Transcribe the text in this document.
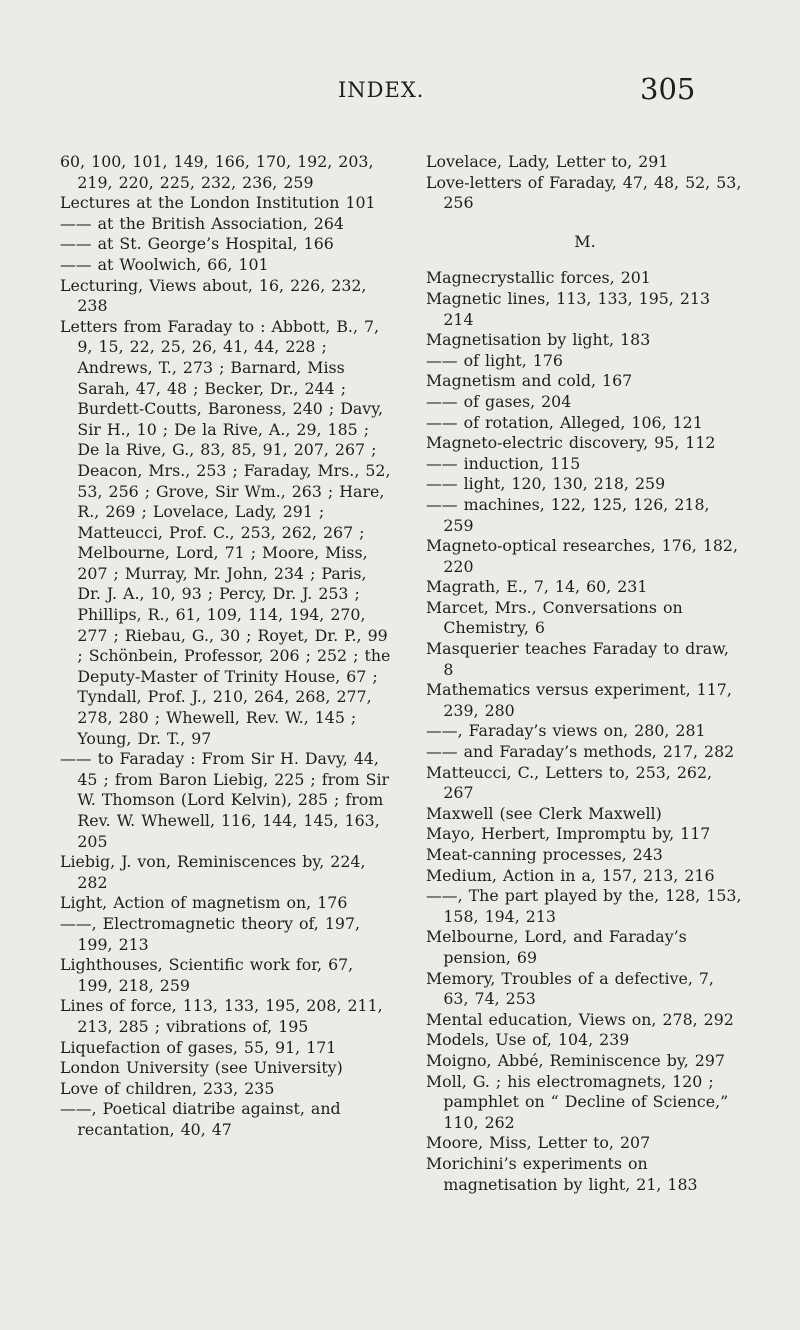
INDEX.	305

60, 100, 101, 149, 166, 170, 192, 203, 219, 220, 225, 232, 236, 259

Lectures at the London Institution 101

—— at the British Association, 264

—— at St. George’s Hospital, 166

—— at Woolwich, 66, 101

Lecturing, Views about, 16, 226, 232, 238

Letters from Faraday to : Abbott, B., 7, 9, 15, 22, 25, 26, 41, 44, 228 ; Andrews, T., 273 ; Barnard, Miss Sarah, 47, 48 ; Becker, Dr., 244 ; Burdett-Coutts, Baroness, 240 ; Davy, Sir H., 10 ; De la Rive, A., 29, 185 ; De la Rive, G., 83, 85, 91, 207, 267 ; Deacon, Mrs., 253 ; Faraday, Mrs., 52, 53, 256 ; Grove, Sir Wm., 263 ; Hare, R., 269 ; Lovelace, Lady, 291 ; Matteucci, Prof. C., 253, 262, 267 ; Melbourne, Lord, 71 ; Moore, Miss, 207 ; Murray, Mr. John, 234 ; Paris, Dr. J. A., 10, 93 ; Percy, Dr. J. 253 ; Phillips, R., 61, 109, 114, 194, 270, 277 ; Riebau, G., 30 ; Royet, Dr. P., 99 ; Schönbein, Professor, 206 ; 252 ; the Deputy-Master of Trinity House, 67 ; Tyndall, Prof. J., 210, 264, 268, 277, 278, 280 ; Whewell, Rev. W., 145 ; Young, Dr. T., 97

—— to Faraday : From Sir H. Davy, 44, 45 ; from Baron Liebig, 225 ; from Sir W. Thomson (Lord Kelvin), 285 ; from Rev. W. Whewell, 116, 144, 145, 163, 205

Liebig, J. von, Reminiscences by, 224, 282

Light, Action of magnetism on, 176

——, Electromagnetic theory of, 197, 199, 213

Lighthouses, Scientific work for, 67, 199, 218, 259

Lines of force, 113, 133, 195, 208, 211, 213, 285 ; vibrations of, 195

Liquefaction of gases, 55, 91, 171

London University (see University)

Love of children, 233, 235

——, Poetical diatribe against, and recantation, 40, 47

Lovelace, Lady, Letter to, 291

Love-letters of Faraday, 47, 48, 52, 53, 256

M.

Magnecrystallic forces, 201

Magnetic lines, 113, 133, 195, 213 214

Magnetisation by light, 183

—— of light, 176

Magnetism and cold, 167

—— of gases, 204

—— of rotation, Alleged, 106, 121

Magneto-electric discovery, 95, 112

—— induction, 115

—— light, 120, 130, 218, 259

—— machines, 122, 125, 126, 218, 259

Magneto-optical researches, 176, 182, 220

Magrath, E., 7, 14, 60, 231

Marcet, Mrs., Conversations on Chemistry, 6

Masquerier teaches Faraday to draw, 8

Mathematics versus experiment, 117, 239, 280

——, Faraday’s views on, 280, 281

—— and Faraday’s methods, 217, 282

Matteucci, C., Letters to, 253, 262, 267

Maxwell (see Clerk Maxwell)

Mayo, Herbert, Impromptu by, 117

Meat-canning processes, 243

Medium, Action in a, 157, 213, 216

——, The part played by the, 128, 153, 158, 194, 213

Melbourne, Lord, and Faraday’s pension, 69

Memory, Troubles of a defective, 7, 63, 74, 253

Mental education, Views on, 278, 292

Models, Use of, 104, 239

Moigno, Abbé, Reminiscence by, 297

Moll, G. ; his electromagnets, 120 ; pamphlet on “ Decline of Science,” 110, 262

Moore, Miss, Letter to, 207

Morichini’s experiments on magnetisation by light, 21, 183
